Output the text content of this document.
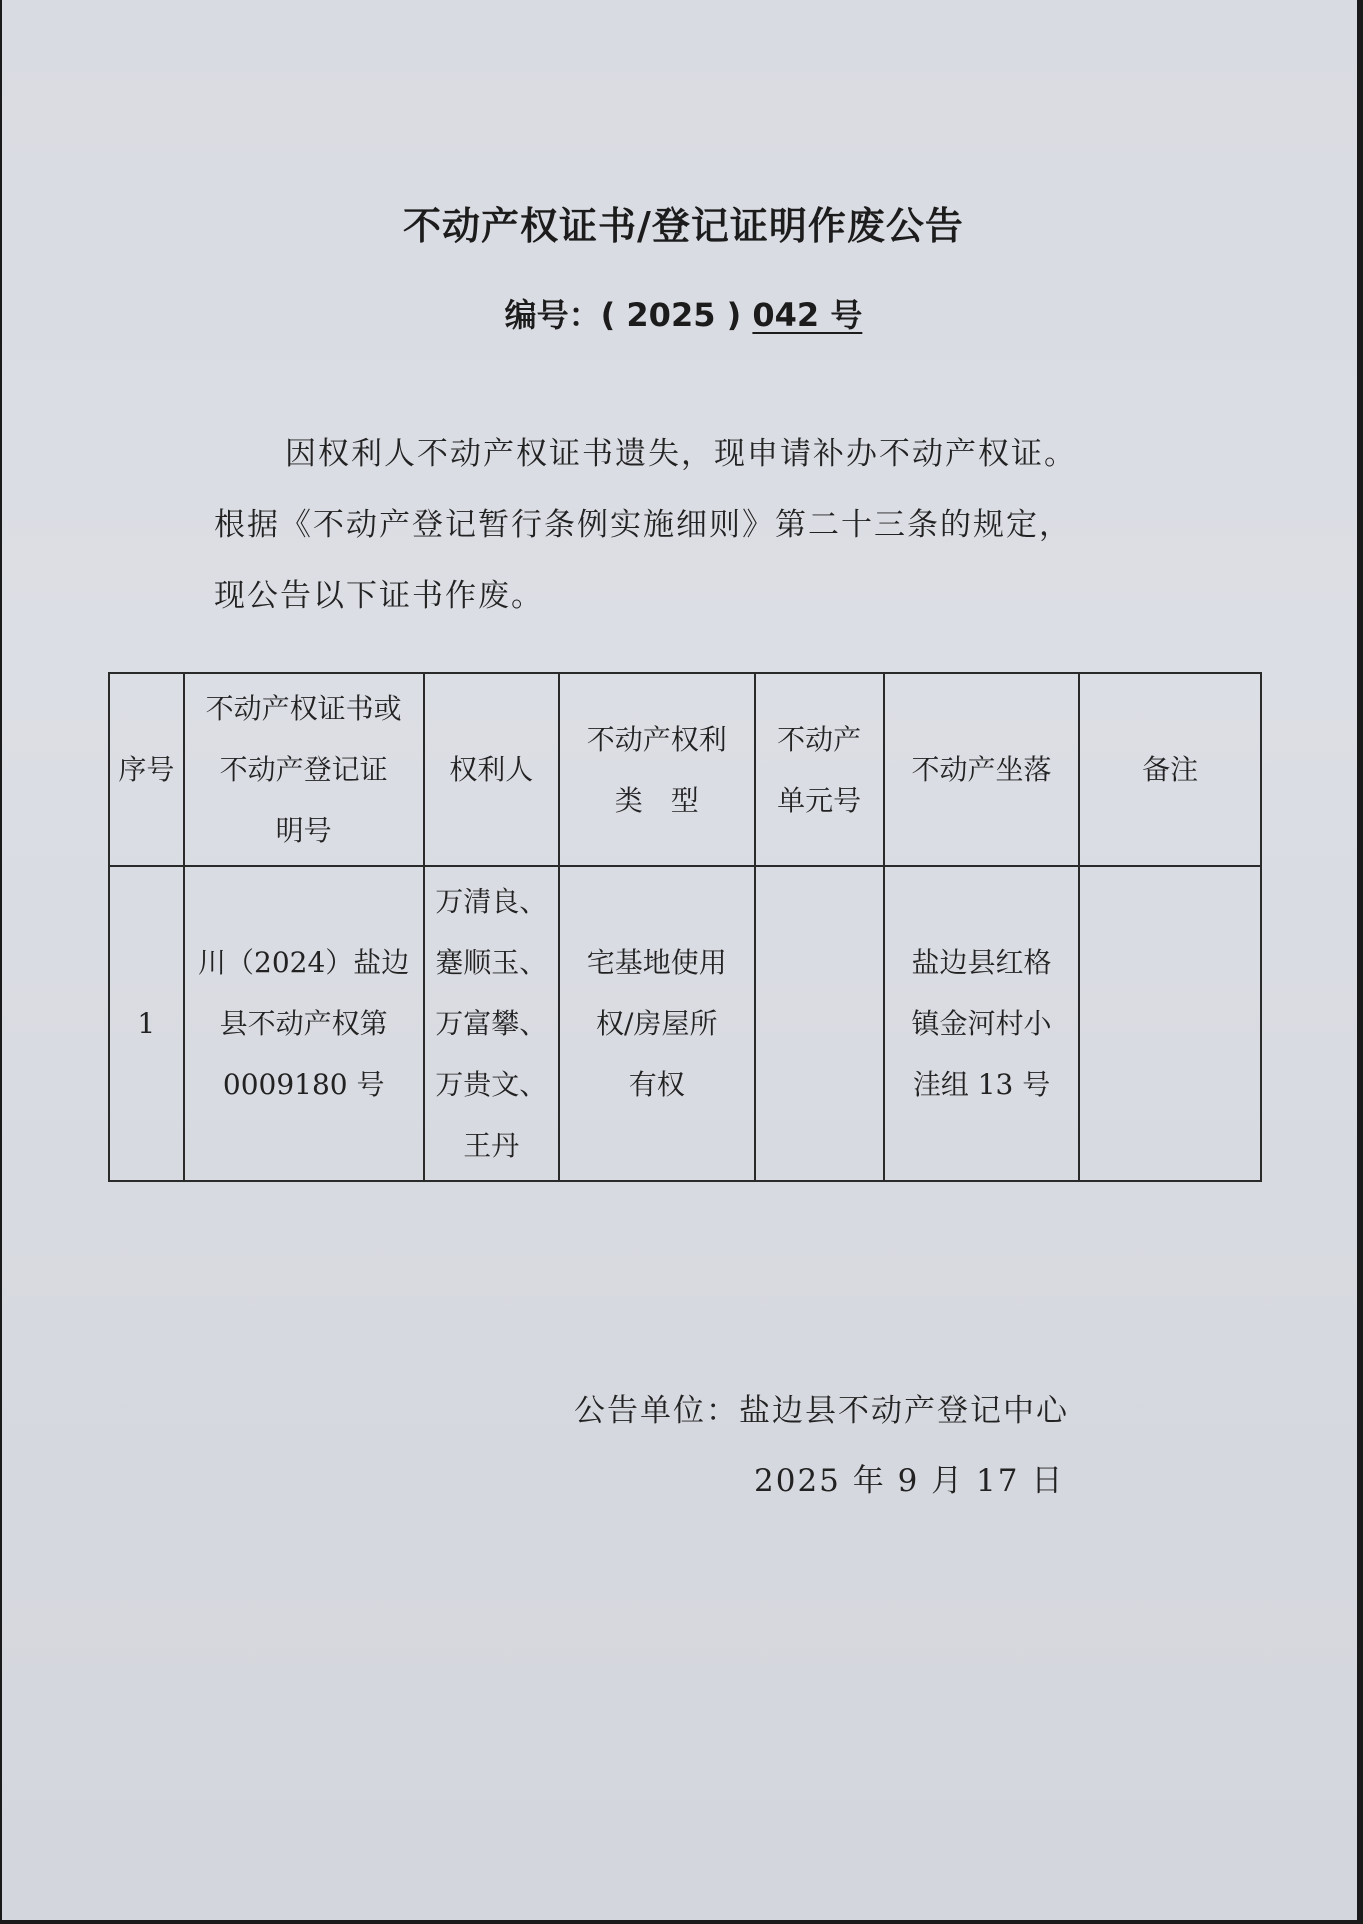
不动产权证书/登记证明作废公告
编号：( 2025 ) 042 号
因权利人不动产权证书遗失，现申请补办不动产权证。
根据《不动产登记暂行条例实施细则》第二十三条的规定，
现公告以下证书作废。
序号	不动产权证书或
不动产登记证
明号	权利人	不动产权利
类　型	不动产
单元号	不动产坐落	备注
1	川（2024）盐边
县不动产权第
0009180 号	万清良、
蹇顺玉、
万富攀、
万贵文、
王丹	宅基地使用
权/房屋所
有权		盐边县红格
镇金河村小
洼组 13 号	
公告单位：盐边县不动产登记中心
2025 年 9 月 17 日
